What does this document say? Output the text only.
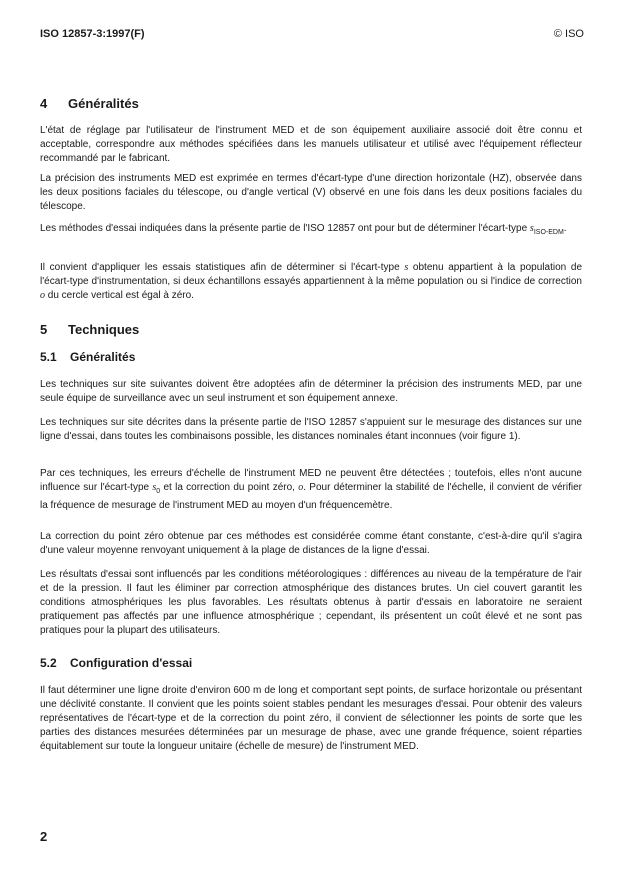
ISO 12857-3:1997(F)	© ISO
4 Généralités
L'état de réglage par l'utilisateur de l'instrument MED et de son équipement auxiliaire associé doit être connu et acceptable, correspondre aux méthodes spécifiées dans les manuels utilisateur et utilisé avec l'équipement réflecteur recommandé par le fabricant.
La précision des instruments MED est exprimée en termes d'écart-type d'une direction horizontale (HZ), observée dans les deux positions faciales du télescope, ou d'angle vertical (V) observé en une fois dans les deux positions faciales du télescope.
Les méthodes d'essai indiquées dans la présente partie de l'ISO 12857 ont pour but de déterminer l'écart-type $s_{ISO-EDM}$.
Il convient d'appliquer les essais statistiques afin de déterminer si l'écart-type s obtenu appartient à la population de l'écart-type d'instrumentation, si deux échantillons essayés appartiennent à la même population ou si l'indice de correction o du cercle vertical est égal à zéro.
5 Techniques
5.1 Généralités
Les techniques sur site suivantes doivent être adoptées afin de déterminer la précision des instruments MED, par une seule équipe de surveillance avec un seul instrument et son équipement annexe.
Les techniques sur site décrites dans la présente partie de l'ISO 12857 s'appuient sur le mesurage des distances sur une ligne d'essai, dans toutes les combinaisons possible, les distances nominales étant inconnues (voir figure 1).
Par ces techniques, les erreurs d'échelle de l'instrument MED ne peuvent être détectées ; toutefois, elles n'ont aucune influence sur l'écart-type $s_0$ et la correction du point zéro, o. Pour déterminer la stabilité de l'échelle, il convient de vérifier la fréquence de mesurage de l'instrument MED au moyen d'un fréquencemètre.
La correction du point zéro obtenue par ces méthodes est considérée comme étant constante, c'est-à-dire qu'il s'agira d'une valeur moyenne renvoyant uniquement à la plage de distances de la ligne d'essai.
Les résultats d'essai sont influencés par les conditions météorologiques : différences au niveau de la température de l'air et de la pression. Il faut les éliminer par correction atmosphérique des distances brutes. Un ciel couvert garantit les conditions atmosphériques les plus favorables. Les résultats obtenus à partir d'essais en laboratoire ne seraient pratiquement pas affectés par une influence atmosphérique ; cependant, ils présentent un coût élevé et ne sont pas pratiques pour la plupart des utilisateurs.
5.2 Configuration d'essai
Il faut déterminer une ligne droite d'environ 600 m de long et comportant sept points, de surface horizontale ou présentant une déclivité constante. Il convient que les points soient stables pendant les mesurages d'essai. Pour obtenir des valeurs représentatives de l'écart-type et de la correction du point zéro, il convient de sélectionner les points de sorte que les parties des distances mesurées déterminées par un mesurage de phase, avec une grande fréquence, soient réparties équitablement sur toute la longueur unitaire (échelle de mesure) de l'instrument MED.
2
